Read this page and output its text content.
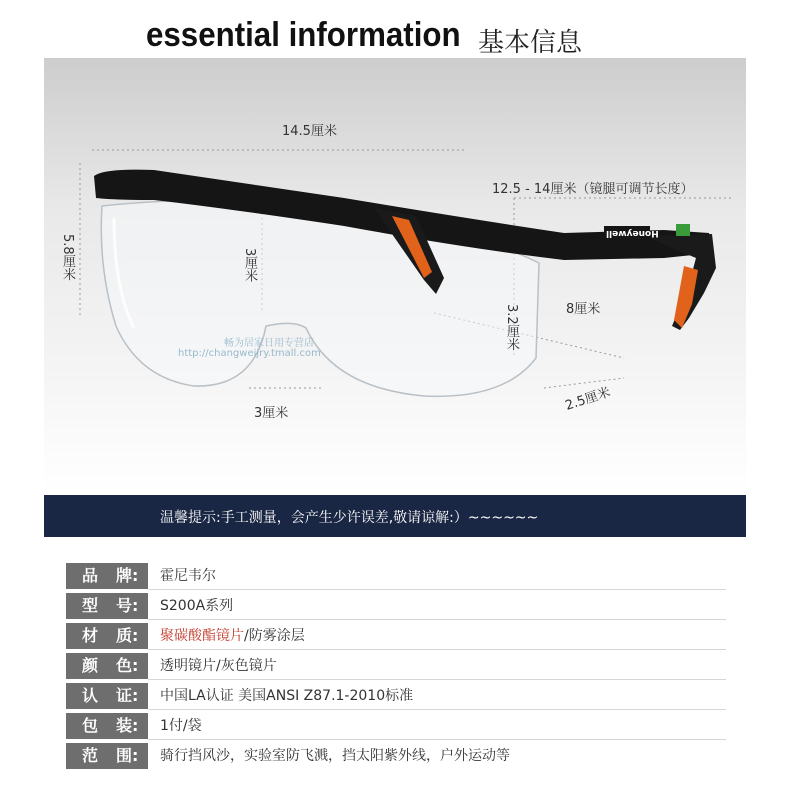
essential information 基本信息
14.5厘米
12.5 - 14厘米（镜腿可调节长度）
5.8厘米	3厘米
3.2厘米	8厘米
3厘米	2.5厘米
Honeywell
畅为居家日用专营店
http://changweijry.tmall.com
温馨提示:手工测量，会产生少许误差,敬请谅解:）~~~~~~
品 牌: 霍尼韦尔
型 号: S200A系列
材 质: 聚碳酸酯镜片/防雾涂层
颜 色: 透明镜片/灰色镜片
认 证: 中国LA认证 美国ANSI Z87.1-2010标准
包 装: 1付/袋
范 围: 骑行挡风沙，实验室防飞溅，挡太阳紫外线，户外运动等
